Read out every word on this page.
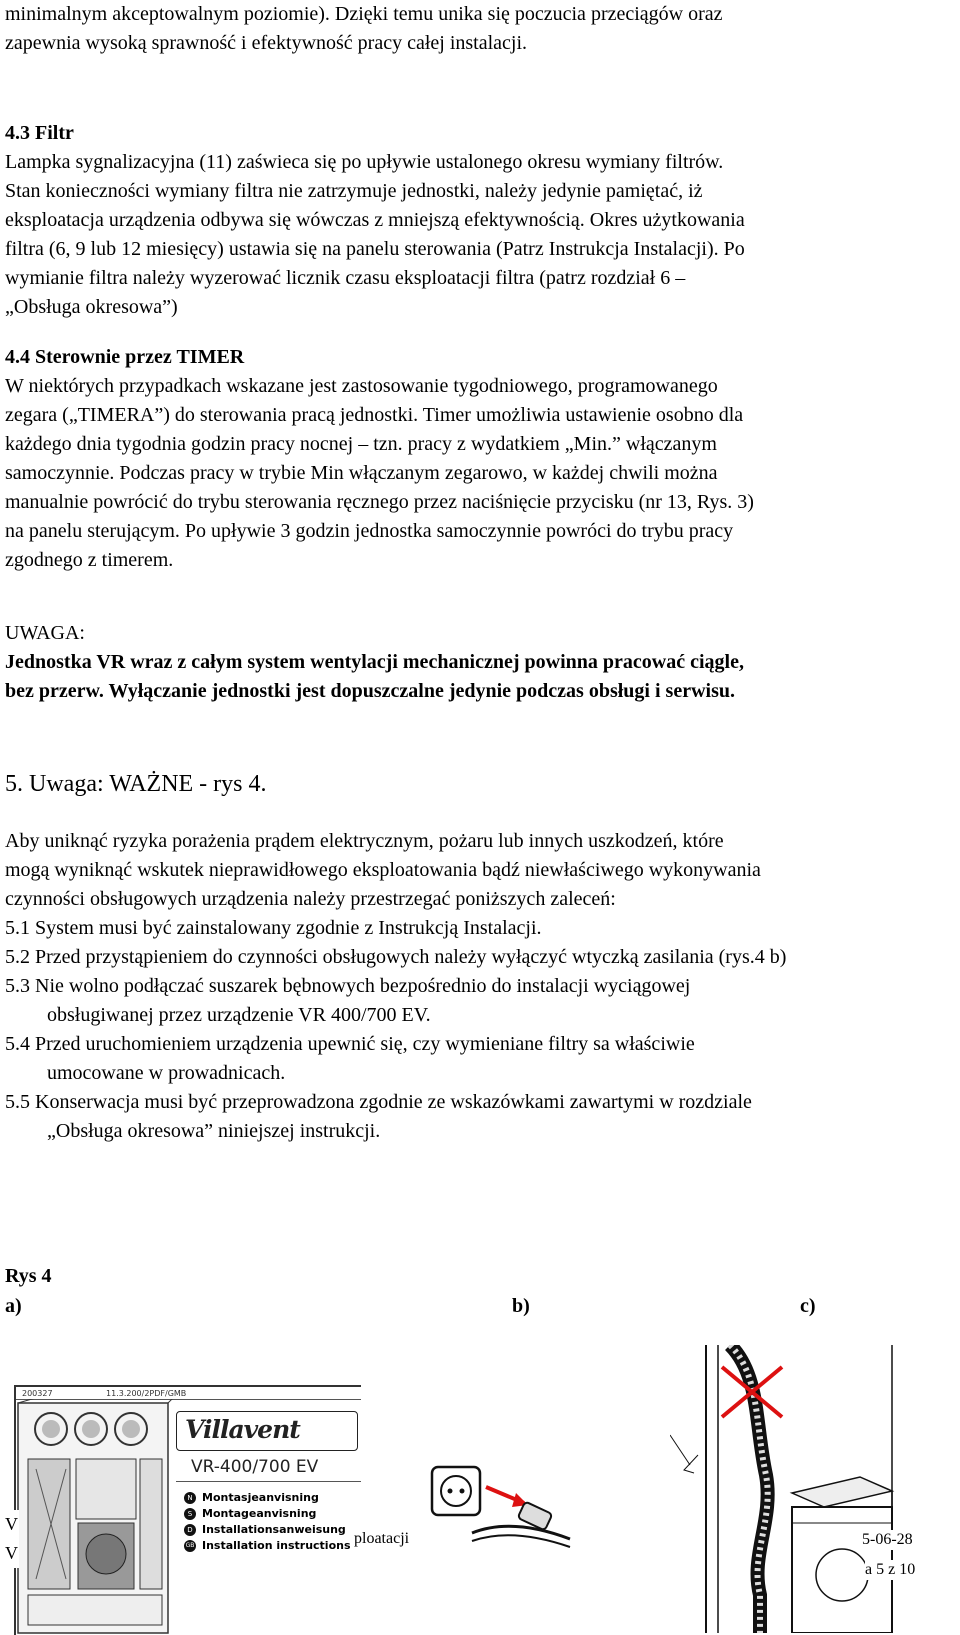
minimalnym akceptowalnym poziomie). Dzięki temu unika się poczucia przeciągów oraz

zapewnia wysoką sprawność i efektywność pracy całej instalacji.

4.3 Filtr

Lampka sygnalizacyjna (11) zaświeca się po upływie ustalonego okresu wymiany filtrów.

Stan konieczności wymiany filtra nie zatrzymuje jednostki, należy jedynie pamiętać, iż

eksploatacja urządzenia odbywa się wówczas z mniejszą efektywnością. Okres użytkowania

filtra (6, 9 lub 12 miesięcy) ustawia się na panelu sterowania (Patrz Instrukcja Instalacji). Po

wymianie filtra należy wyzerować licznik czasu eksploatacji filtra (patrz rozdział 6 –

„Obsługa okresowa”)

4.4 Sterownie przez TIMER

W niektórych przypadkach wskazane jest zastosowanie tygodniowego, programowanego

zegara („TIMERA”) do sterowania pracą jednostki. Timer umożliwia ustawienie osobno dla

każdego dnia tygodnia godzin pracy nocnej – tzn. pracy z wydatkiem „Min.” włączanym

samoczynnie. Podczas pracy w trybie Min włączanym zegarowo, w każdej chwili można

manualnie powrócić do trybu sterowania ręcznego przez naciśnięcie przycisku (nr 13, Rys. 3)

na panelu sterującym. Po upływie 3 godzin jednostka samoczynnie powróci do trybu pracy

zgodnego z timerem.

UWAGA:

Jednostka VR wraz z całym system wentylacji mechanicznej powinna pracować ciągle,

bez przerw. Wyłączanie jednostki jest dopuszczalne jedynie podczas obsługi i serwisu.

5. Uwaga: WAŻNE - rys 4.

Aby uniknąć ryzyka porażenia prądem elektrycznym, pożaru lub innych uszkodzeń, które

mogą wyniknąć wskutek nieprawidłowego eksploatowania bądź niewłaściwego wykonywania

czynności obsługowych urządzenia należy przestrzegać poniższych zaleceń:

5.1 System musi być zainstalowany zgodnie z Instrukcją Instalacji.

5.2 Przed przystąpieniem do czynności obsługowych należy wyłączyć wtyczką zasilania (rys.4 b)

5.3 Nie wolno podłączać suszarek bębnowych bezpośrednio do instalacji wyciągowej

obsługiwanej przez urządzenie VR 400/700 EV.

5.4 Przed uruchomieniem urządzenia upewnić się, czy wymieniane filtry sa właściwie

umocowane w prowadnicach.

5.5 Konserwacja musi być przeprowadzona zgodnie ze wskazówkami zawartymi w rozdziale

„Obsługa okresowa” niniejszej instrukcji.

Rys 4
a)	b)	c)
200327	11.3.200/2PDF/GMB
Villavent
VR-400/700 EV
N Montasjeanvisning
S Montageanvisning
D Installationsanweisung
GB Installation instructions
V
V
ploatacji	5-06-28
a 5 z 10
